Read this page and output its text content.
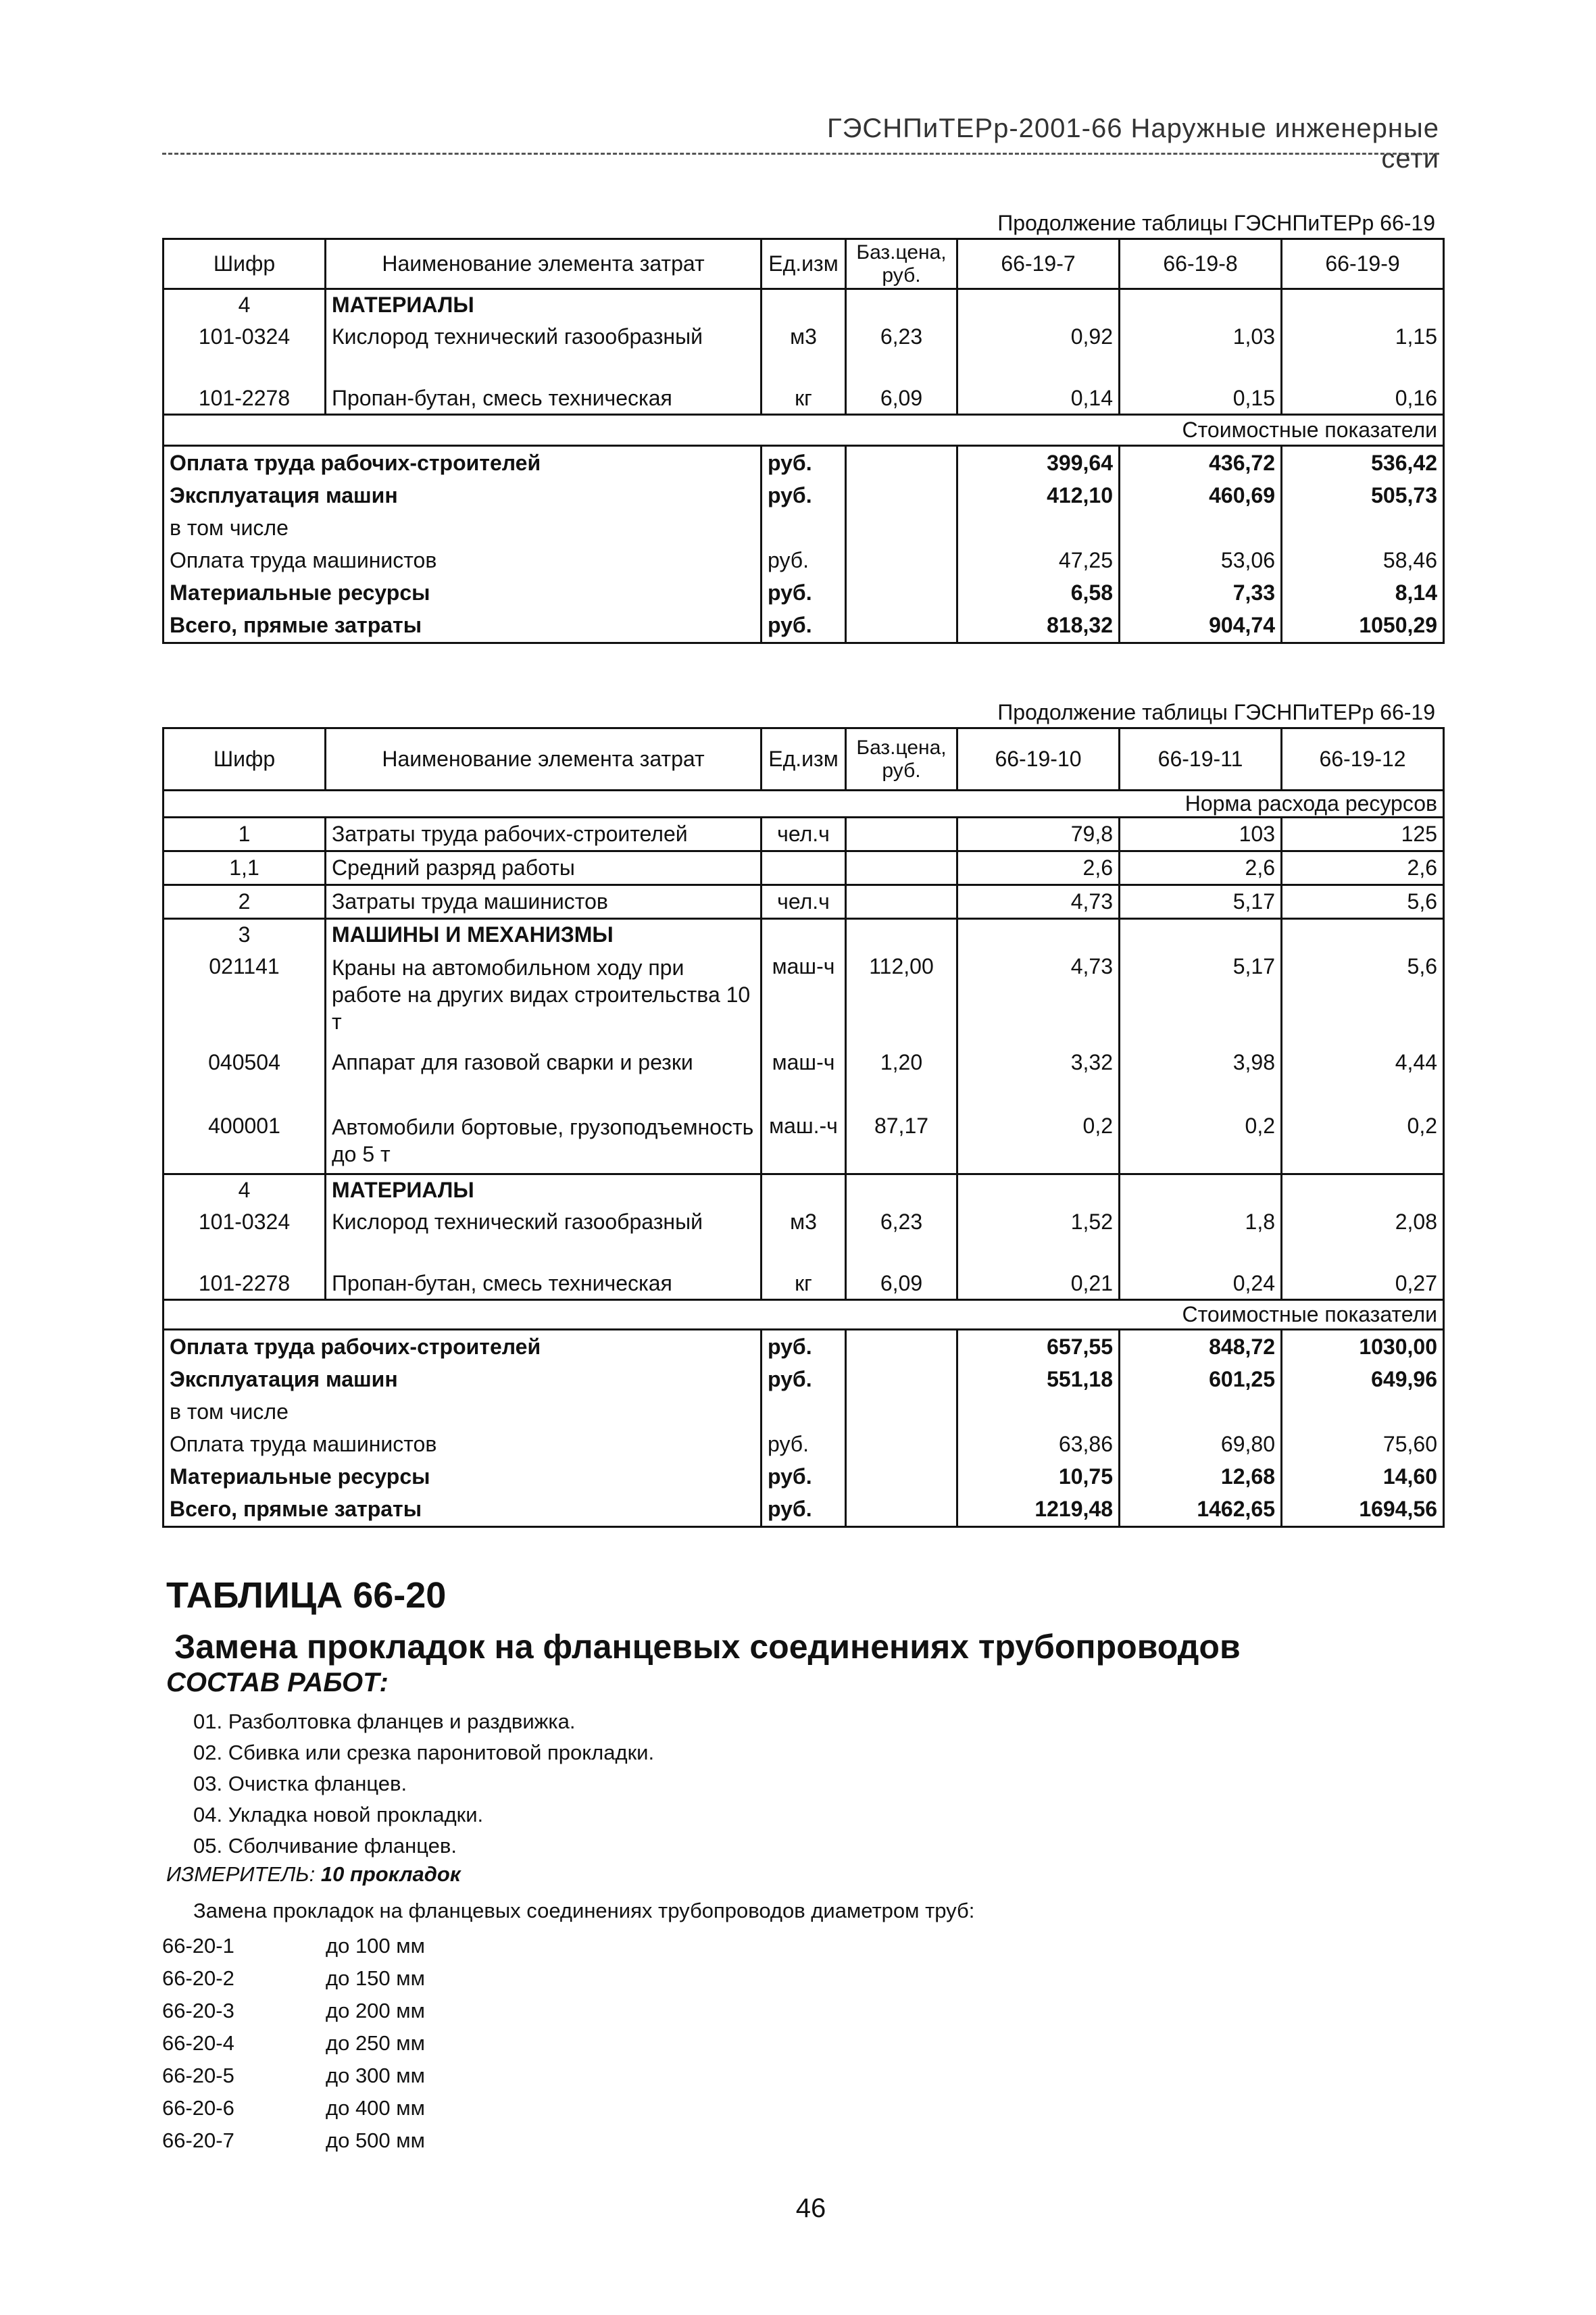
ГЭСНПиТЕРр-2001-66 Наружные инженерные сети
Продолжение таблицы ГЭСНПиТЕРр 66-19
Шифр	Наименование элемента затрат	Ед.изм	Баз.цена, руб.	66-19-7	66-19-8	66-19-9
4	МАТЕРИАЛЫ					
101-0324	Кислород технический газообразный	м3	6,23	0,92	1,03	1,15
101-2278	Пропан-бутан, смесь техническая	кг	6,09	0,14	0,15	0,16
Стоимостные показатели						
Оплата труда рабочих-строителей		руб.		399,64	436,72	536,42
Эксплуатация машин		руб.		412,10	460,69	505,73
в том числе						
Оплата труда машинистов		руб.		47,25	53,06	58,46
Материальные ресурсы		руб.		6,58	7,33	8,14
Всего, прямые затраты		руб.		818,32	904,74	1050,29
Продолжение таблицы ГЭСНПиТЕРр 66-19
Шифр	Наименование элемента затрат	Ед.изм	Баз.цена, руб.	66-19-10	66-19-11	66-19-12
Норма расхода ресурсов						
1	Затраты труда рабочих-строителей	чел.ч		79,8	103	125
1,1	Средний разряд работы			2,6	2,6	2,6
2	Затраты труда машинистов	чел.ч		4,73	5,17	5,6
3	МАШИНЫ И МЕХАНИЗМЫ					
021141	Краны на автомобильном ходу при работе на других видах строительства 10 т	маш-ч	112,00	4,73	5,17	5,6
040504	Аппарат для газовой сварки и резки	маш-ч	1,20	3,32	3,98	4,44
400001	Автомобили бортовые, грузоподъемность до 5 т	маш.-ч	87,17	0,2	0,2	0,2
4	МАТЕРИАЛЫ					
101-0324	Кислород технический газообразный	м3	6,23	1,52	1,8	2,08
101-2278	Пропан-бутан, смесь техническая	кг	6,09	0,21	0,24	0,27
Стоимостные показатели						
Оплата труда рабочих-строителей		руб.		657,55	848,72	1030,00
Эксплуатация машин		руб.		551,18	601,25	649,96
в том числе						
Оплата труда машинистов		руб.		63,86	69,80	75,60
Материальные ресурсы		руб.		10,75	12,68	14,60
Всего, прямые затраты		руб.		1219,48	1462,65	1694,56
ТАБЛИЦА 66-20
Замена прокладок на фланцевых соединениях трубопроводов
СОСТАВ РАБОТ:
01. Разболтовка фланцев и раздвижка.
02. Сбивка или срезка паронитовой прокладки.
03. Очистка фланцев.
04. Укладка новой прокладки.
05. Сболчивание фланцев.
ИЗМЕРИТЕЛЬ: 10 прокладок
Замена прокладок на фланцевых соединениях трубопроводов диаметром труб:
66-20-1	до 100 мм
66-20-2	до 150 мм
66-20-3	до 200 мм
66-20-4	до 250 мм
66-20-5	до 300 мм
66-20-6	до 400 мм
66-20-7	до 500 мм
46
